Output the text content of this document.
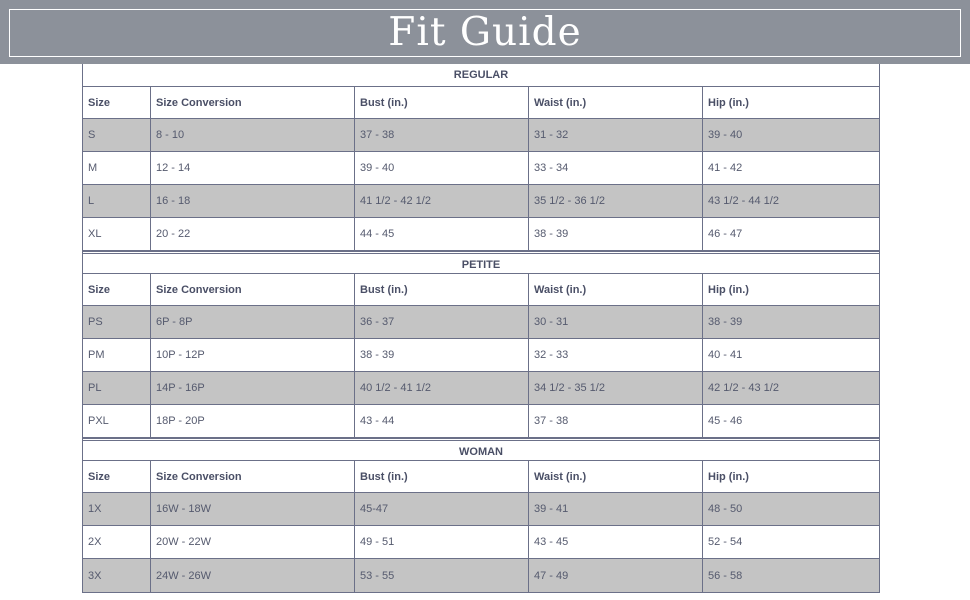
Fit Guide
REGULAR
Size	Size Conversion	Bust (in.)	Waist (in.)	Hip (in.)
S	8 - 10	37 - 38	31 - 32	39 - 40
M	12 - 14	39 - 40	33 - 34	41 - 42
L	16 - 18	41 1/2 - 42 1/2	35 1/2 - 36 1/2	43 1/2 - 44 1/2
XL	20 - 22	44 - 45	38 - 39	46 - 47
PETITE
Size	Size Conversion	Bust (in.)	Waist (in.)	Hip (in.)
PS	6P - 8P	36 - 37	30 - 31	38 - 39
PM	10P - 12P	38 - 39	32 - 33	40 - 41
PL	14P - 16P	40 1/2 - 41 1/2	34 1/2 - 35 1/2	42 1/2 - 43 1/2
PXL	18P - 20P	43 - 44	37 - 38	45 - 46
WOMAN
Size	Size Conversion	Bust (in.)	Waist (in.)	Hip (in.)
1X	16W - 18W	45-47	39 - 41	48 - 50
2X	20W - 22W	49 - 51	43 - 45	52 - 54
3X	24W - 26W	53 - 55	47 - 49	56 - 58
